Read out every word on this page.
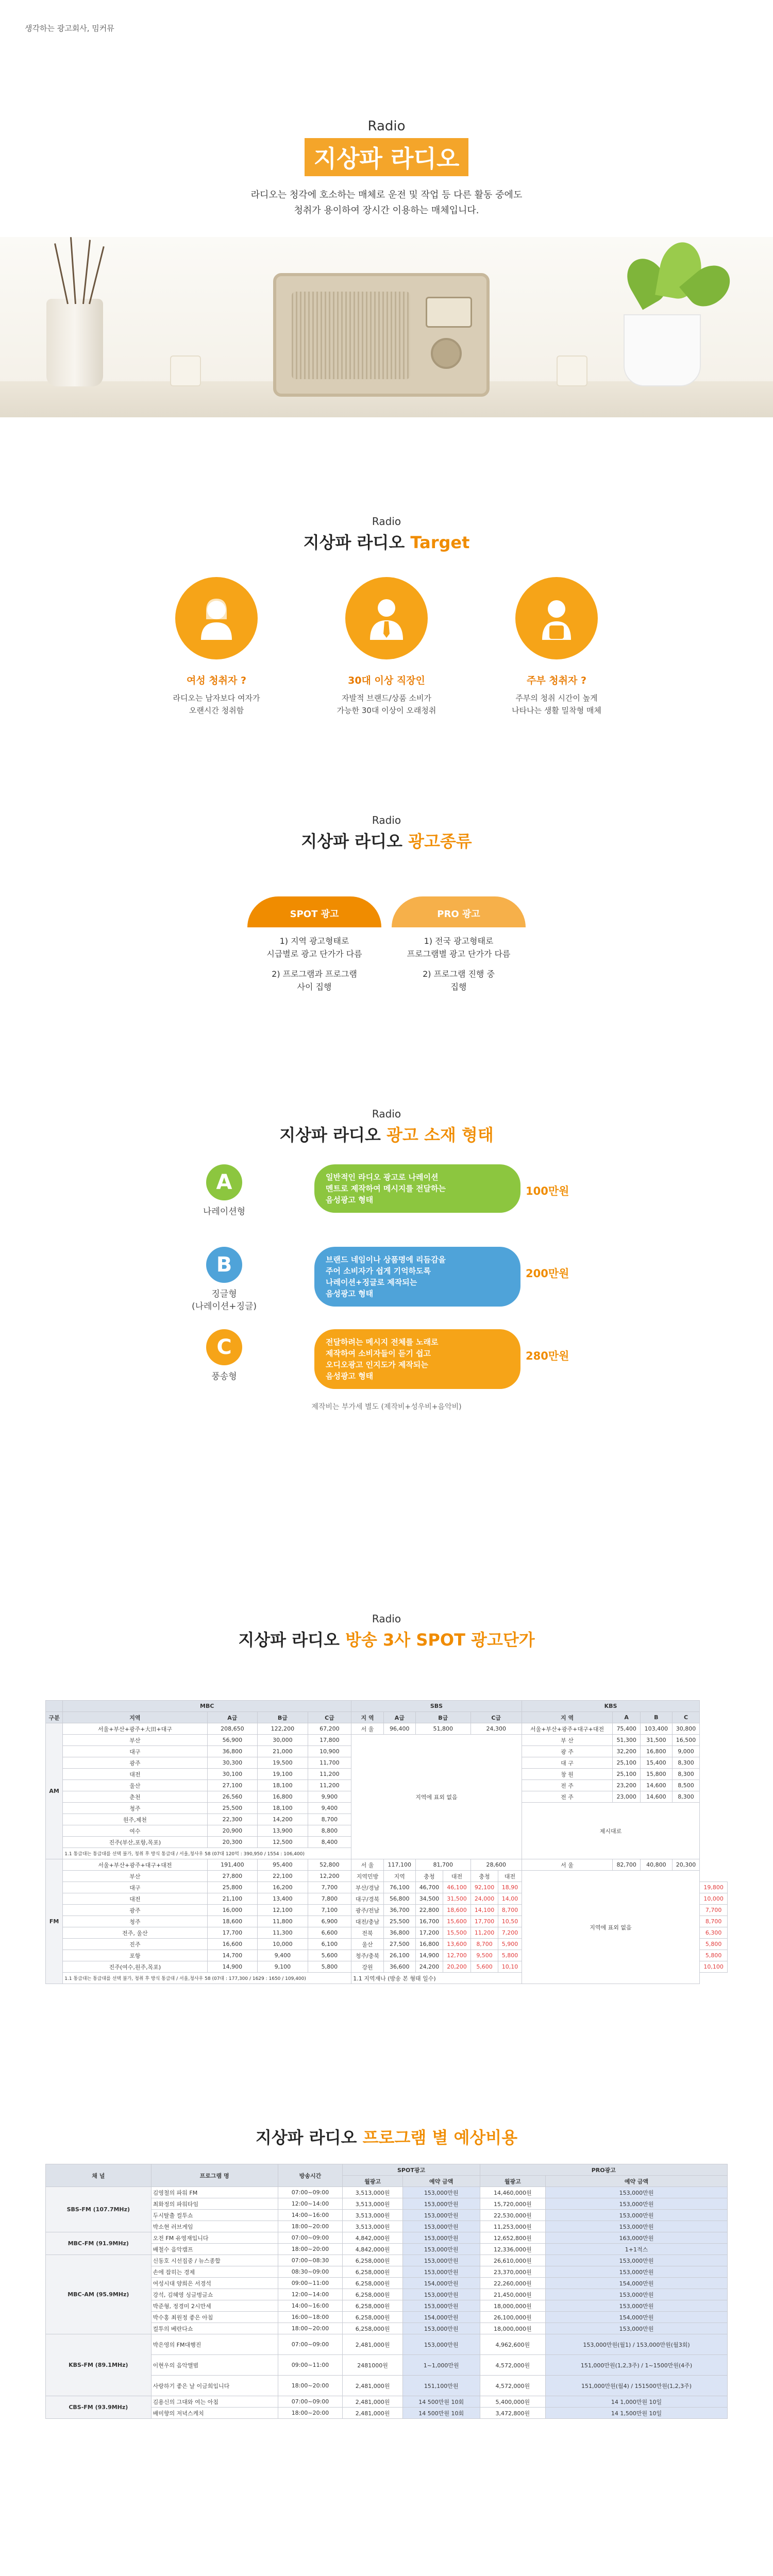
생각하는 광고회사, 밈커뮤
Radio
지상파 라디오
라디오는 청각에 호소하는 매체로 운전 및 작업 등 다른 활동 중에도
청취가 용이하여 장시간 이용하는 매체입니다.
Radio
지상파 라디오 Target
여성 청취자 ?
라디오는 남자보다 여자가
오랜시간 청취함
30대 이상 직장인
자발적 브랜드/상품 소비가
가능한 30대 이상이 오래청취
주부 청취자 ?
주부의 청취 시간이 높게
나타나는 생활 밀착형 매체
Radio
지상파 라디오 광고종류
SPOT 광고
1) 지역 광고형태로
시급별로 광고 단가가 다름
2) 프로그램과 프로그램
사이 집행
PRO 광고
1) 전국 광고형태로
프로그램별 광고 단가가 다름
2) 프로그램 진행 중
집행
Radio
지상파 라디오 광고 소재 형태
A
나레이션형
일반적인 라디오 광고로 나레이션
멘트로 제작하여 메시지를 전달하는
음성광고 형태
100만원
B
징글형
(나레이션+징글)
브랜드 네임이나 상품명에 리듬감을
주어 소비자가 쉽게 기억하도록
나레이션+징글로 제작되는
음성광고 형태
200만원
C
풍송형
전달하려는 메시지 전체를 노래로
제작하여 소비자들이 듣기 쉽고
오디오광고 인지도가 제작되는
음성광고 형태
280만원
제작비는 부가세 별도 (제작비+성우비+음악비)
Radio
지상파 라디오 방송 3사 SPOT 광고단가
	MBC				SBS						KBS				
구분	지역	A급	B급	C급	지 역	A급	B급		C급		지 역	A	B	C	
AM	서울+부산+광주+大田+대구	208,650	122,200	67,200	서 울	96,400	51,800		24,300		서울+부산+광주+대구+대전	75,400	103,400	30,800	
	부산	56,900	30,000	17,800	지역에 표외 없음						부 산	51,300	31,500	16,500	
	대구	36,800	21,000	10,900							광 주	32,200	16,800	9,000	
	광주	30,300	19,500	11,700							대 구	25,100	15,400	8,300	
	대전	30,100	19,100	11,200							창 원	25,100	15,800	8,300	
	울산	27,100	18,100	11,200							전 주	23,200	14,600	8,500	
	춘천	26,560	16,800	9,900							전 주	23,000	14,600	8,300	
	청주	25,500	18,100	9,400							제시대로				
	원주,제천	22,300	14,200	8,700											
	여수	20,900	13,900	8,800											
	진주(부산,포항,목포)	20,300	12,500	8,400											
	1.1 통급대는 통급대를 선택 불가, 청취 후 방식 통급대 / 서울,청사우 58 (07대 120억 : 390,950 / 1554 : 106,400)														
FM	서울+부산+광주+대구+대전	191,400	95,400	52,800	서 울	117,100	81,700		28,600		서 울	82,700	40,800	20,300	
	부산	27,800	22,100	12,200	지역민방	지역	충청	대전	충청	대전	지역에 표외 없음				
	대구	25,800	16,200	7,700	부산/경남	76,100	46,700	46,100	92,100	18,90					19,800
	대전	21,100	13,400	7,800	대구/경북	56,800	34,500	31,500	24,000	14,00					10,000
	광주	16,000	12,100	7,100	광주/전남	36,700	22,800	18,600	14,100	8,700					7,700
	청주	18,600	11,800	6,900	대전/충남	25,500	16,700	15,600	17,700	10,50					8,700
	전주, 울산	17,700	11,300	6,600	전북	36,800	17,200	15,500	11,200	7,200					6,300
	진주	16,600	10,000	6,100	울산	27,500	16,800	13,600	8,700	5,900					5,800
	포항	14,700	9,400	5,600	청주/충북	26,100	14,900	12,700	9,500	5,800					5,800
	진주(여수,원주,목포)	14,900	9,100	5,800	강원	36,600	24,200	20,200	5,600	10,10					10,100
	1.1 통급대는 통급대를 선택 불가, 청취 후 방식 통급대 / 서울,청사우 58 (07대 : 177,300 / 1629 : 1650 / 109,400)				1.1 지역재나 (방송 본 형태 일수)										
지상파 라디오 프로그램 별 예상비용
채 널	프로그램 명	방송시간	SPOT광고		PRO광고	
			월광고	예약 금액	월광고	예약 금액
SBS-FM (107.7MHz)	김영철의 파워 FM	07:00~09:00	3,513,000원	153,000만원	14,460,000원	153,000만원
	최화정의 파워타임	12:00~14:00	3,513,000원	153,000만원	15,720,000원	153,000만원
	두시탈출 컬투쇼	14:00~16:00	3,513,000원	153,000만원	22,530,000원	153,000만원
	박소현 러브게임	18:00~20:00	3,513,000원	153,000만원	11,253,000원	153,000만원
MBC-FM (91.9MHz)	오전 FM 유영재입니다	07:00~09:00	4,842,000원	153,000만원	12,652,800원	163,000만원
	배철수 음악캠프	18:00~20:00	4,842,000원	153,000만원	12,336,000원	1+1적스
MBC-AM (95.9MHz)	신동호 시선집중 / 뉴스종합	07:00~08:30	6,258,000원	153,000만원	26,610,000원	153,000만원
	손에 잡히는 경제	08:30~09:00	6,258,000원	153,000만원	23,370,000원	153,000만원
	여성시대 양희은 서경석	09:00~11:00	6,258,000원	154,000만원	22,260,000원	154,000만원
	강석, 김혜영 싱글벙글쇼	12:00~14:00	6,258,000원	153,000만원	21,450,000원	153,000만원
	박준형, 정경미 2시만세	14:00~16:00	6,258,000원	153,000만원	18,000,000원	153,000만원
	박수홍 최원정 좋은 아침	16:00~18:00	6,258,000원	154,000만원	26,100,000원	154,000만원
	컬투의 베란다쇼	18:00~20:00	6,258,000원	153,000만원	18,000,000원	153,000만원
KBS-FM (89.1MHz)	박은영의 FM대행진	07:00~09:00	2,481,000원	153,000만원	4,962,600원	153,000만원(월1) / 153,000만원(월3회)
	이현우의 음악앨범	09:00~11:00	2481000원	1~1,000만원	4,572,000원	151,000만원(1,2,3주) / 1~1500만원(4주)
	사랑하기 좋은 날 이금희입니다	18:00~20:00	2,481,000원	151,100만원	4,572,000원	151,000만원(월4) / 151500만원(1,2,3주)
CBS-FM (93.9MHz)	김용신의 그대와 여는 아침	07:00~09:00	2,481,000원	14 500만원 10회	5,400,000원	14 1,000만원 10일
	배미향의 저녁스케치	18:00~20:00	2,481,000원	14 500만원 10회	3,472,800원	14 1,500만원 10일
